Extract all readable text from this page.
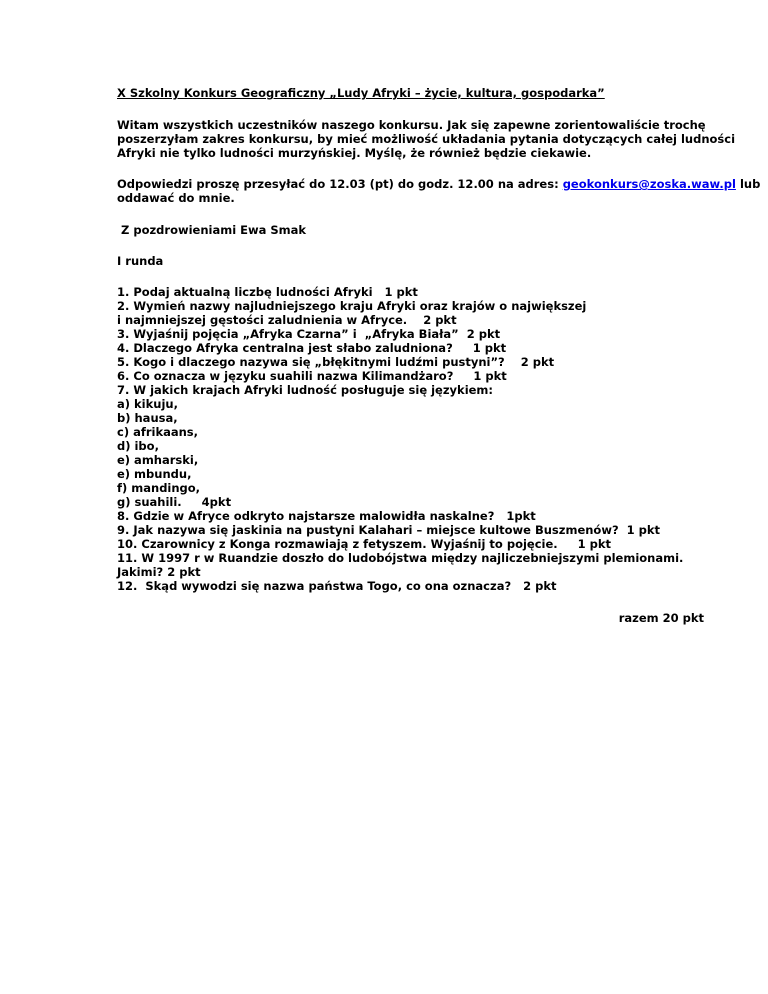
X Szkolny Konkurs Geograficzny „Ludy Afryki – życie, kultura, gospodarka”
Witam wszystkich uczestników naszego konkursu. Jak się zapewne zorientowaliście trochę
poszerzyłam zakres konkursu, by mieć możliwość układania pytania dotyczących całej ludności
Afryki nie tylko ludności murzyńskiej. Myślę, że również będzie ciekawie.
Odpowiedzi proszę przesyłać do 12.03 (pt) do godz. 12.00 na adres: geokonkurs@zoska.waw.pl lub
oddawać do mnie.
Z pozdrowieniami Ewa Smak
I runda
1. Podaj aktualną liczbę ludności Afryki   1 pkt
2. Wymień nazwy najludniejszego kraju Afryki oraz krajów o największej
i najmniejszej gęstości zaludnienia w Afryce.    2 pkt
3. Wyjaśnij pojęcia „Afryka Czarna” i  „Afryka Biała”  2 pkt
4. Dlaczego Afryka centralna jest słabo zaludniona?     1 pkt
5. Kogo i dlaczego nazywa się „błękitnymi ludźmi pustyni”?    2 pkt
6. Co oznacza w języku suahili nazwa Kilimandżaro?     1 pkt
7. W jakich krajach Afryki ludność posługuje się językiem:
a) kikuju,
b) hausa,
c) afrikaans,
d) ibo,
e) amharski,
e) mbundu,
f) mandingo,
g) suahili.     4pkt
8. Gdzie w Afryce odkryto najstarsze malowidła naskalne?   1pkt
9. Jak nazywa się jaskinia na pustyni Kalahari – miejsce kultowe Buszmenów?  1 pkt
10. Czarownicy z Konga rozmawiają z fetyszem. Wyjaśnij to pojęcie.     1 pkt
11. W 1997 r w Ruandzie doszło do ludobójstwa między najliczebniejszymi plemionami.
Jakimi? 2 pkt
12.  Skąd wywodzi się nazwa państwa Togo, co ona oznacza?   2 pkt
razem 20 pkt
